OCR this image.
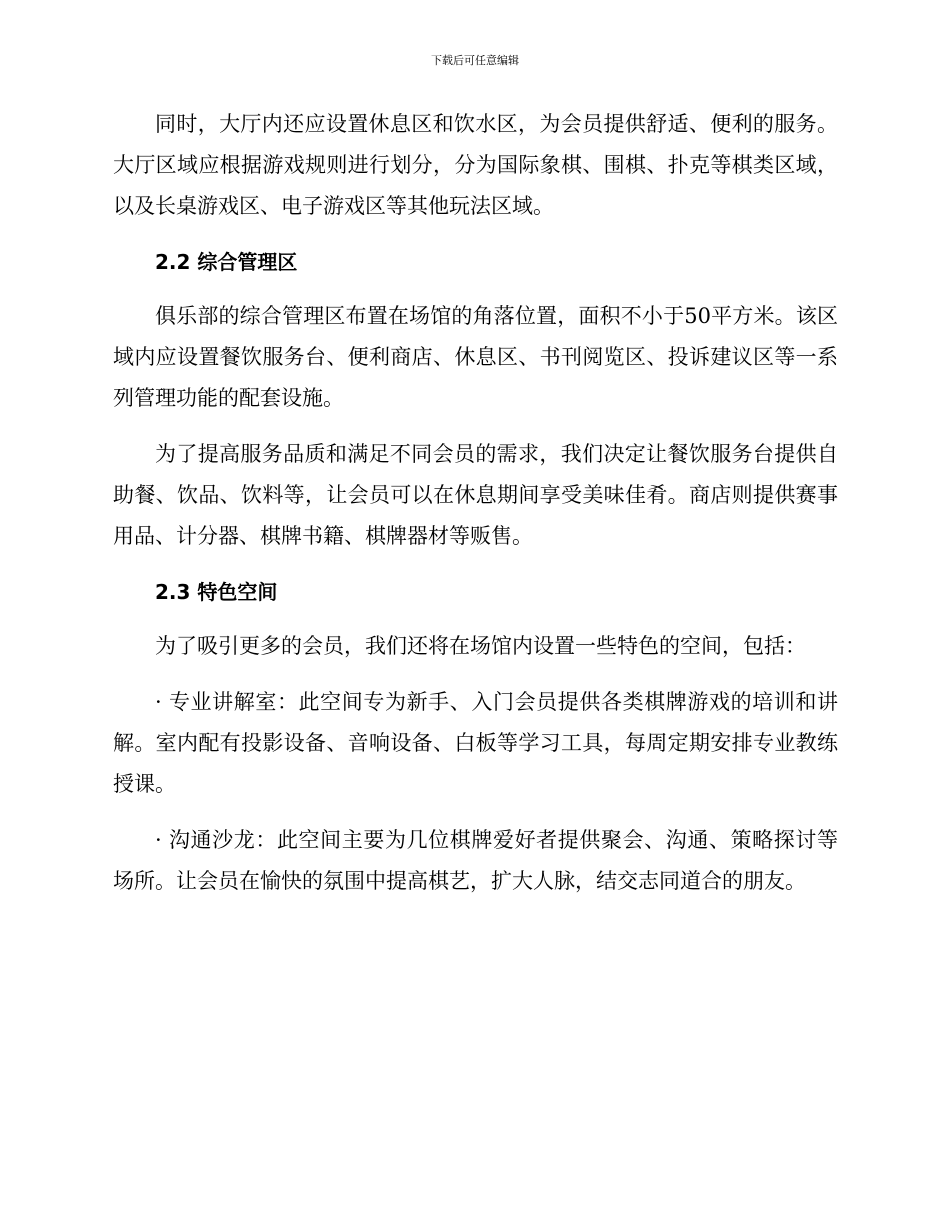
下载后可任意编辑

同时，大厅内还应设置休息区和饮水区，为会员提供舒适、便利的服务。大厅区域应根据游戏规则进行划分，分为国际象棋、围棋、扑克等棋类区域，以及长桌游戏区、电子游戏区等其他玩法区域。

2.2 综合管理区

俱乐部的综合管理区布置在场馆的角落位置，面积不小于50平方米。该区域内应设置餐饮服务台、便利商店、休息区、书刊阅览区、投诉建议区等一系列管理功能的配套设施。

为了提高服务品质和满足不同会员的需求，我们决定让餐饮服务台提供自助餐、饮品、饮料等，让会员可以在休息期间享受美味佳肴。商店则提供赛事用品、计分器、棋牌书籍、棋牌器材等贩售。

2.3 特色空间

为了吸引更多的会员，我们还将在场馆内设置一些特色的空间，包括：

· 专业讲解室：此空间专为新手、入门会员提供各类棋牌游戏的培训和讲解。室内配有投影设备、音响设备、白板等学习工具，每周定期安排专业教练授课。

· 沟通沙龙：此空间主要为几位棋牌爱好者提供聚会、沟通、策略探讨等场所。让会员在愉快的氛围中提高棋艺，扩大人脉，结交志同道合的朋友。
